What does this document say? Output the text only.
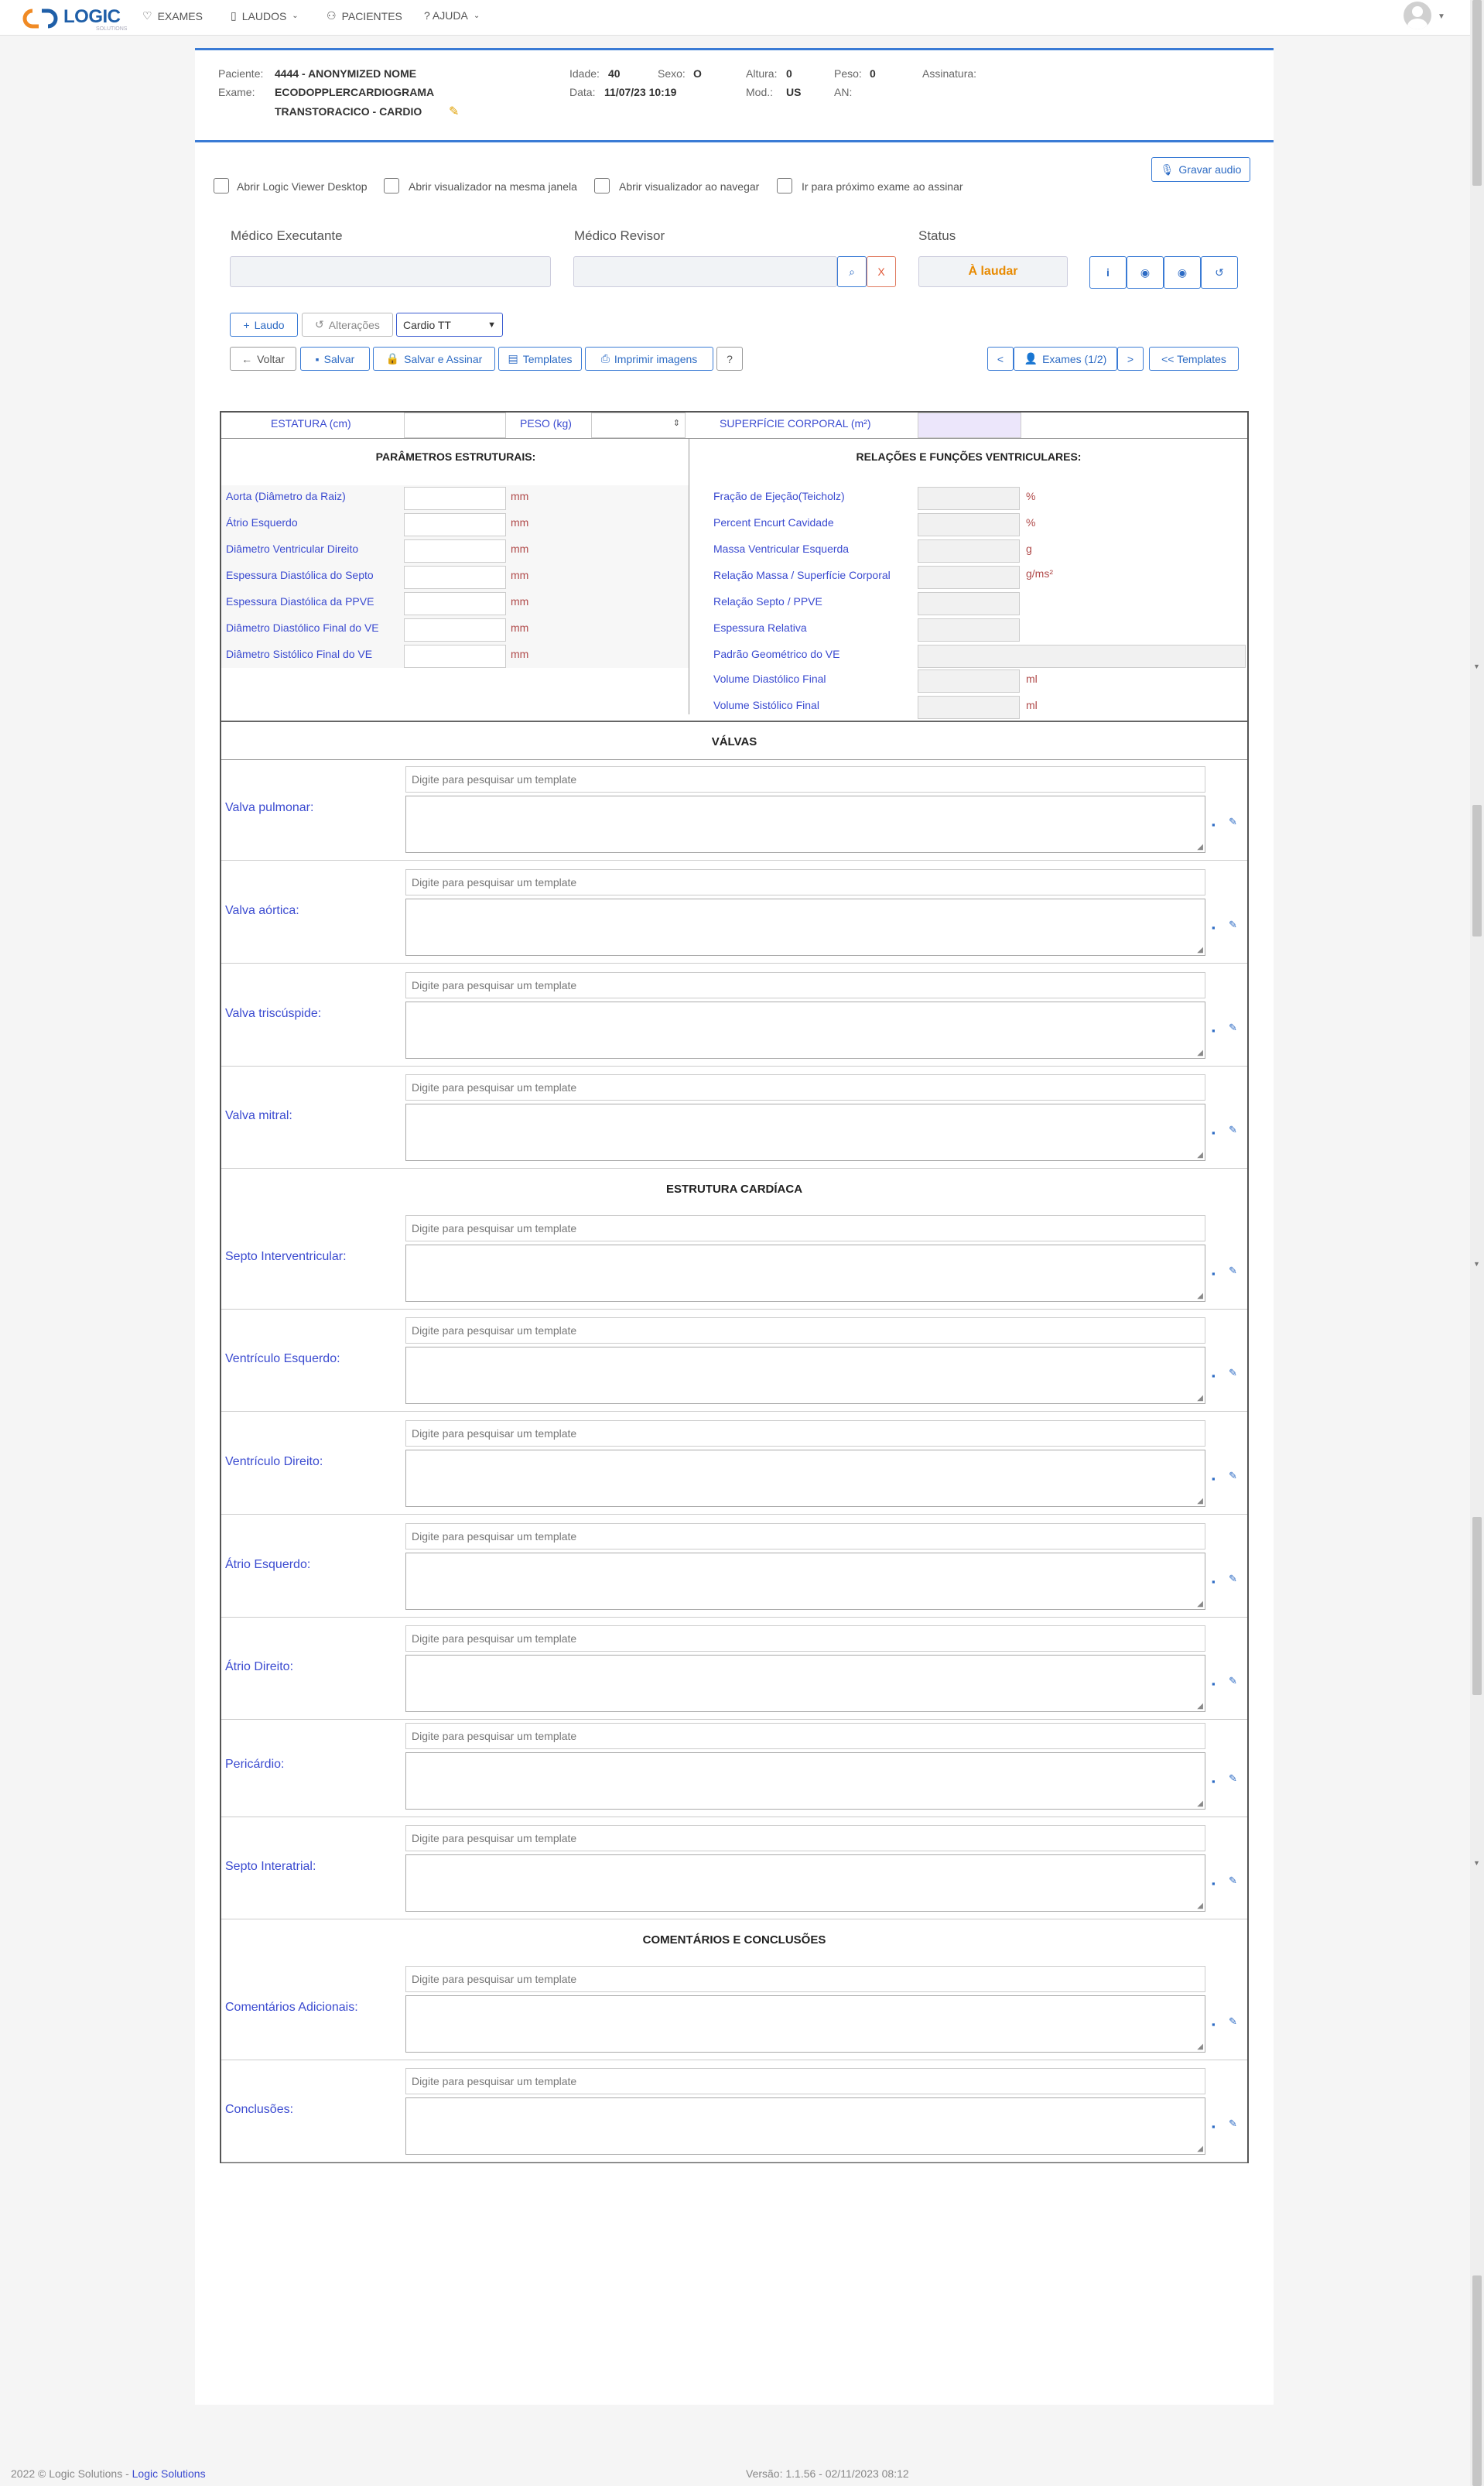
LOGIC
SOLUTIONS
♡ EXAMES	▯ LAUDOS ⌄	⚇ PACIENTES ? AJUDA ⌄	▼
▼
▼
▼
Paciente: 4444 - ANONYMIZED NOME
Exame: ECODOPPLERCARDIOGRAMA
TRANSTORACICO - CARDIO ✎
Idade: 40	Sexo: O	Altura: 0	Peso: 0	Assinatura:
Data: 11/07/23 10:19	Mod.: US	AN:
🎙 Gravar audio
Abrir Logic Viewer Desktop	Abrir visualizador na mesma janela	Abrir visualizador ao navegar	Ir para próximo exame ao assinar
Médico Executante	Médico Revisor
⌕ X
Status
À laudar	i	◉	◉	↺
+ Laudo	↺ Alterações Cardio TT	▼
← Voltar	▪ Salvar	🔒 Salvar e Assinar ▤ Templates	⎙ Imprimir imagens	?	< 👤 Exames (1/2) >	<< Templates
ESTATURA (cm)	PESO (kg)	⇕	SUPERFÍCIE CORPORAL (m²)
PARÂMETROS ESTRUTURAIS:	RELAÇÕES E FUNÇÕES VENTRICULARES:
Aorta (Diâmetro da Raiz)	mm
Átrio Esquerdo	mm
Diâmetro Ventricular Direito	mm
Espessura Diastólica do Septo	mm
Espessura Diastólica da PPVE	mm
Diâmetro Diastólico Final do VE	mm
Diâmetro Sistólico Final do VE	mm
Fração de Ejeção(Teicholz)	%
Percent Encurt Cavidade	%
Massa Ventricular Esquerda	g
Relação Massa / Superfície Corporal	g/ms²
Relação Septo / PPVE
Espessura Relativa
Padrão Geométrico do VE
Volume Diastólico Final	ml
Volume Sistólico Final	ml
VÁLVAS
Valva pulmonar:
Digite para pesquisar um template
◢
▪ ✎
Valva aórtica:
Digite para pesquisar um template
◢
▪ ✎
Valva triscúspide:
Digite para pesquisar um template
◢
▪ ✎
Valva mitral:
Digite para pesquisar um template
◢
▪ ✎
Septo Interventricular:
Digite para pesquisar um template
◢
▪ ✎
Ventrículo Esquerdo:
Digite para pesquisar um template
◢
▪ ✎
Ventrículo Direito:
Digite para pesquisar um template
◢
▪ ✎
Átrio Esquerdo:
Digite para pesquisar um template
◢
▪ ✎
Átrio Direito:
Digite para pesquisar um template
◢
▪ ✎
Pericárdio:
Digite para pesquisar um template
◢
▪ ✎
Septo Interatrial:
Digite para pesquisar um template
◢
▪ ✎
Comentários Adicionais:
Digite para pesquisar um template
◢
▪ ✎
Conclusões:
Digite para pesquisar um template
◢
▪ ✎
ESTRUTURA CARDÍACA
COMENTÁRIOS E CONCLUSÕES
2022 © Logic Solutions - Logic Solutions	Versão: 1.1.56 - 02/11/2023 08:12
